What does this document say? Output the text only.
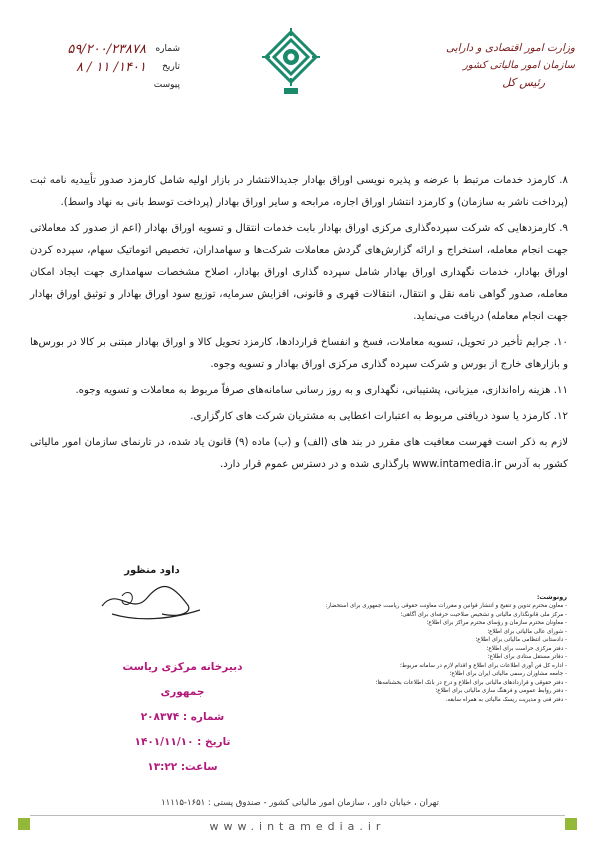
وزارت امور اقتصادی و دارایی
سازمان امور مالیاتی کشور
رئیس کل
شماره
۵۹/۲۰۰/۲۳۸۷۸
تاریخ
۱۴۰۱/ ۱۱ / ۸
پیوست

۸. کارمزد خدمات مرتبط با عرضه و پذیره نویسی اوراق بهادار جدیدالانتشار در بازار اولیه شامل کارمزد صدور تأییدیه نامه ثبت (پرداخت ناشر به سازمان) و کارمزد انتشار اوراق اجاره، مرابحه و سایر اوراق بهادار (پرداخت توسط بانی به نهاد واسط).

۹. کارمزدهایی که شرکت سپرده‌گذاری مرکزی اوراق بهادار بابت خدمات انتقال و تسویه اوراق بهادار (اعم از صدور کد معاملاتی جهت انجام معامله، استخراج و ارائه گزارش‌های گردش معاملات شرکت‌ها و سهامداران، تخصیص اتوماتیک سهام، سپرده کردن اوراق بهادار، خدمات نگهداری اوراق بهادار شامل سپرده گذاری اوراق بهادار، اصلاح مشخصات سهامداری جهت ایجاد امکان معامله، صدور گواهی نامه نقل و انتقال، انتقالات قهری و قانونی، افزایش سرمایه، توزیع سود اوراق بهادار و توثیق اوراق بهادار جهت انجام معامله) دریافت می‌نماید.

۱۰. جرایم تأخیر در تحویل، تسویه معاملات، فسخ و انفساخ قراردادها، کارمزد تحویل کالا و اوراق بهادار مبتنی بر کالا در بورس‌ها و بازارهای خارج از بورس و شرکت سپرده گذاری مرکزی اوراق بهادار و تسویه وجوه.

۱۱. هزینه راه‌اندازی، میزبانی، پشتیبانی، نگهداری و به روز رسانی سامانه‌های صرفاً مربوط به معاملات و تسویه وجوه.

۱۲. کارمزد یا سود دریافتی مربوط به اعتبارات اعطایی به مشتریان شرکت های کارگزاری.

لازم به ذکر است فهرست معافیت های مقرر در بند های (الف) و (ب) ماده (۹) قانون یاد شده، در تارنمای سازمان امور مالیاتی کشور به آدرس www.intamedia.ir بارگذاری شده و در دسترس عموم قرار دارد.

داود منظور
دبیرخانه مرکزی ریاست جمهوری
شماره : ۲۰۸۳۷۴
تاریخ : ۱۴۰۱/۱۱/۱۰
ساعت: ۱۳:۲۲
رونوشت:
- معاون محترم تدوین و تنقیح و انتشار قوانین و مقررات معاونت حقوقی ریاست جمهوری برای استحضار:
- مرکز ملی قانونگذاری مالیاتی و تشخیص صلاحیت حرفه‌ای برای آگاهی؛
- معاونان محترم سازمان و رؤسای محترم مراکز برای اطلاع؛
- شورای عالی مالیاتی برای اطلاع؛
- دادستانی انتظامی مالیاتی برای اطلاع؛
- دفتر مرکزی حراست برای اطلاع؛
- دفاتر مستقل ستادی برای اطلاع؛
- اداره کل فن آوری اطلاعات برای اطلاع و اقدام لازم در سامانه مربوط؛
- جامعه مشاوران رسمی مالیاتی ایران برای اطلاع؛
- دفتر حقوقی و قراردادهای مالیاتی برای اطلاع و درج در بانک اطلاعات بخشنامه‌ها؛
- دفتر روابط عمومی و فرهنگ سازی مالیاتی برای اطلاع؛
- دفتر فنی و مدیریت ریسک مالیاتی به همراه سابقه.
تهران ، خیابان داور ، سازمان امور مالیاتی کشور - صندوق پستی : ۱۶۵۱-۱۱۱۱۵
www.intamedia.ir
